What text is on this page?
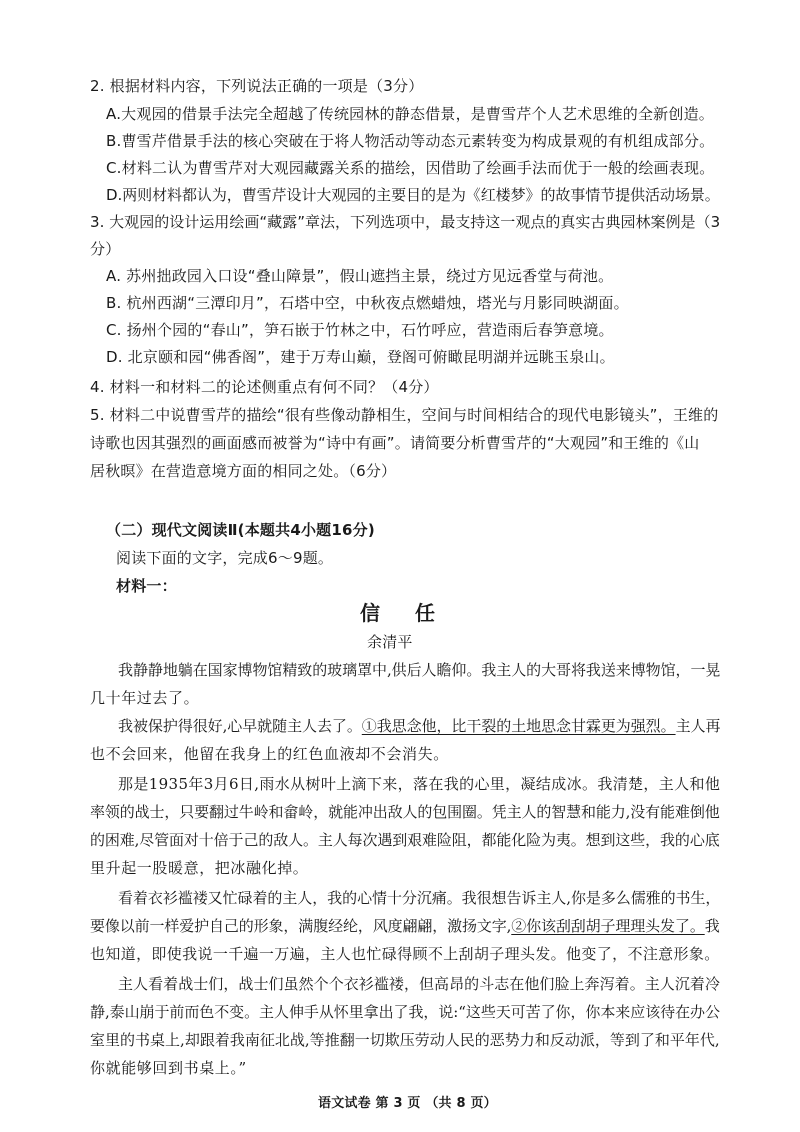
2. 根据材料内容，下列说法正确的一项是（3分）
A.大观园的借景手法完全超越了传统园林的静态借景，是曹雪芹个人艺术思维的全新创造。
B.曹雪芹借景手法的核心突破在于将人物活动等动态元素转变为构成景观的有机组成部分。
C.材料二认为曹雪芹对大观园藏露关系的描绘，因借助了绘画手法而优于一般的绘画表现。
D.两则材料都认为，曹雪芹设计大观园的主要目的是为《红楼梦》的故事情节提供活动场景。
3. 大观园的设计运用绘画“藏露”章法，下列选项中，最支持这一观点的真实古典园林案例是（3
分）
A. 苏州拙政园入口设“叠山障景”，假山遮挡主景，绕过方见远香堂与荷池。
B. 杭州西湖“三潭印月”，石塔中空，中秋夜点燃蜡烛，塔光与月影同映湖面。
C. 扬州个园的“春山”，笋石嵌于竹林之中，石竹呼应，营造雨后春笋意境。
D. 北京颐和园“佛香阁”，建于万寿山巅，登阁可俯瞰昆明湖并远眺玉泉山。
4. 材料一和材料二的论述侧重点有何不同？（4分）
5. 材料二中说曹雪芹的描绘“很有些像动静相生，空间与时间相结合的现代电影镜头”，王维的
诗歌也因其强烈的画面感而被誉为“诗中有画”。请简要分析曹雪芹的“大观园”和王维的《山
居秋暝》在营造意境方面的相同之处。（6分）
（二）现代文阅读Ⅱ(本题共4小题16分)
阅读下面的文字，完成6～9题。
材料一：
信 任
余清平
我静静地躺在国家博物馆精致的玻璃罩中,供后人瞻仰。我主人的大哥将我送来博物馆，一晃
几十年过去了。
我被保护得很好,心早就随主人去了。①我思念他，比干裂的土地思念甘霖更为强烈。主人再
也不会回来，他留在我身上的红色血液却不会消失。
那是1935年3月6日,雨水从树叶上滴下来，落在我的心里，凝结成冰。我清楚，主人和他
率领的战士，只要翻过牛岭和畲岭，就能冲出敌人的包围圈。凭主人的智慧和能力,没有能难倒他
的困难,尽管面对十倍于己的敌人。主人每次遇到艰难险阻，都能化险为夷。想到这些，我的心底
里升起一股暖意，把冰融化掉。
看着衣衫褴褛又忙碌着的主人，我的心情十分沉痛。我很想告诉主人,你是多么儒雅的书生，
要像以前一样爱护自己的形象，满腹经纶，风度翩翩，激扬文字,②你该刮刮胡子理理头发了。我
也知道，即使我说一千遍一万遍，主人也忙碌得顾不上刮胡子理头发。他变了，不注意形象。
主人看着战士们，战士们虽然个个衣衫褴褛，但高昂的斗志在他们脸上奔泻着。主人沉着冷
静,泰山崩于前而色不变。主人伸手从怀里拿出了我，说:“这些天可苦了你，你本来应该待在办公
室里的书桌上,却跟着我南征北战,等推翻一切欺压劳动人民的恶势力和反动派，等到了和平年代,
你就能够回到书桌上。”
语文试卷 第 3 页 （共 8 页）
